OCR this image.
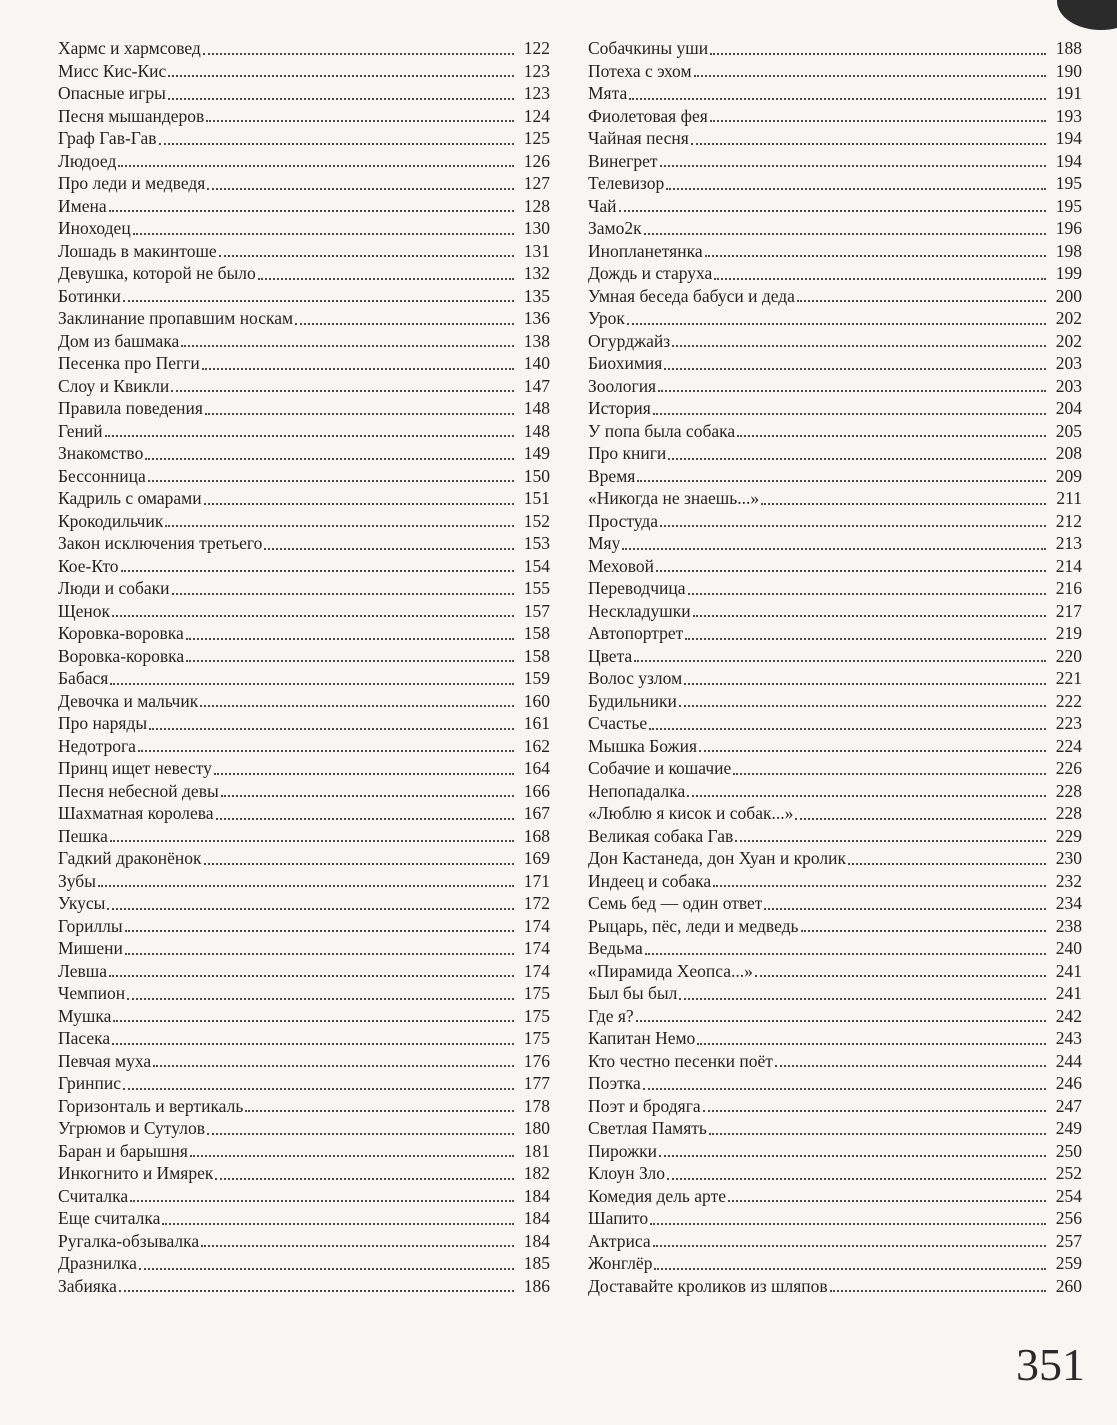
Хармс и хармсовед	122
Мисс Кис-Кис	123
Опасные игры	123
Песня мышандеров	124
Граф Гав-Гав	125
Людоед	126
Про леди и медведя	127
Имена	128
Иноходец	130
Лошадь в макинтоше	131
Девушка, которой не было	132
Ботинки	135
Заклинание пропавшим носкам	136
Дом из башмака	138
Песенка про Пегги	140
Слоу и Квикли	147
Правила поведения	148
Гений	148
Знакомство	149
Бессонница	150
Кадриль с омарами	151
Крокодильчик	152
Закон исключения третьего	153
Кое-Кто	154
Люди и собаки	155
Щенок	157
Коровка-воровка	158
Воровка-коровка	158
Бабася	159
Девочка и мальчик	160
Про наряды	161
Недотрога	162
Принц ищет невесту	164
Песня небесной девы	166
Шахматная королева	167
Пешка	168
Гадкий драконёнок	169
Зубы	171
Укусы	172
Гориллы	174
Мишени	174
Левша	174
Чемпион	175
Мушка	175
Пасека	175
Певчая муха	176
Гринпис	177
Горизонталь и вертикаль	178
Угрюмов и Сутулов	180
Баран и барышня	181
Инкогнито и Имярек	182
Считалка	184
Еще считалка	184
Ругалка-обзывалка	184
Дразнилка	185
Забияка	186
Собачкины уши	188
Потеха с эхом	190
Мята	191
Фиолетовая фея	193
Чайная песня	194
Винегрет	194
Телевизор	195
Чай	195
Замо2к	196
Инопланетянка	198
Дождь и старуха	199
Умная беседа бабуси и деда	200
Урок	202
Огурджайз	202
Биохимия	203
Зоология	203
История	204
У попа была собака	205
Про книги	208
Время	209
«Никогда не знаешь...»	211
Простуда	212
Мяу	213
Меховой	214
Переводчица	216
Нескладушки	217
Автопортрет	219
Цвета	220
Волос узлом	221
Будильники	222
Счастье	223
Мышка Божия	224
Собачие и кошачие	226
Непопадалка	228
«Люблю я кисок и собак...»	228
Великая собака Гав	229
Дон Кастанеда, дон Хуан и кролик	230
Индеец и собака	232
Семь бед — один ответ	234
Рыцарь, пёс, леди и медведь	238
Ведьма	240
«Пирамида Хеопса...»	241
Был бы был	241
Где я?	242
Капитан Немо	243
Кто честно песенки поёт	244
Поэтка	246
Поэт и бродяга	247
Светлая Память	249
Пирожки	250
Клоун Зло	252
Комедия дель арте	254
Шапито	256
Актриса	257
Жонглёр	259
Доставайте кроликов из шляпов	260
351
